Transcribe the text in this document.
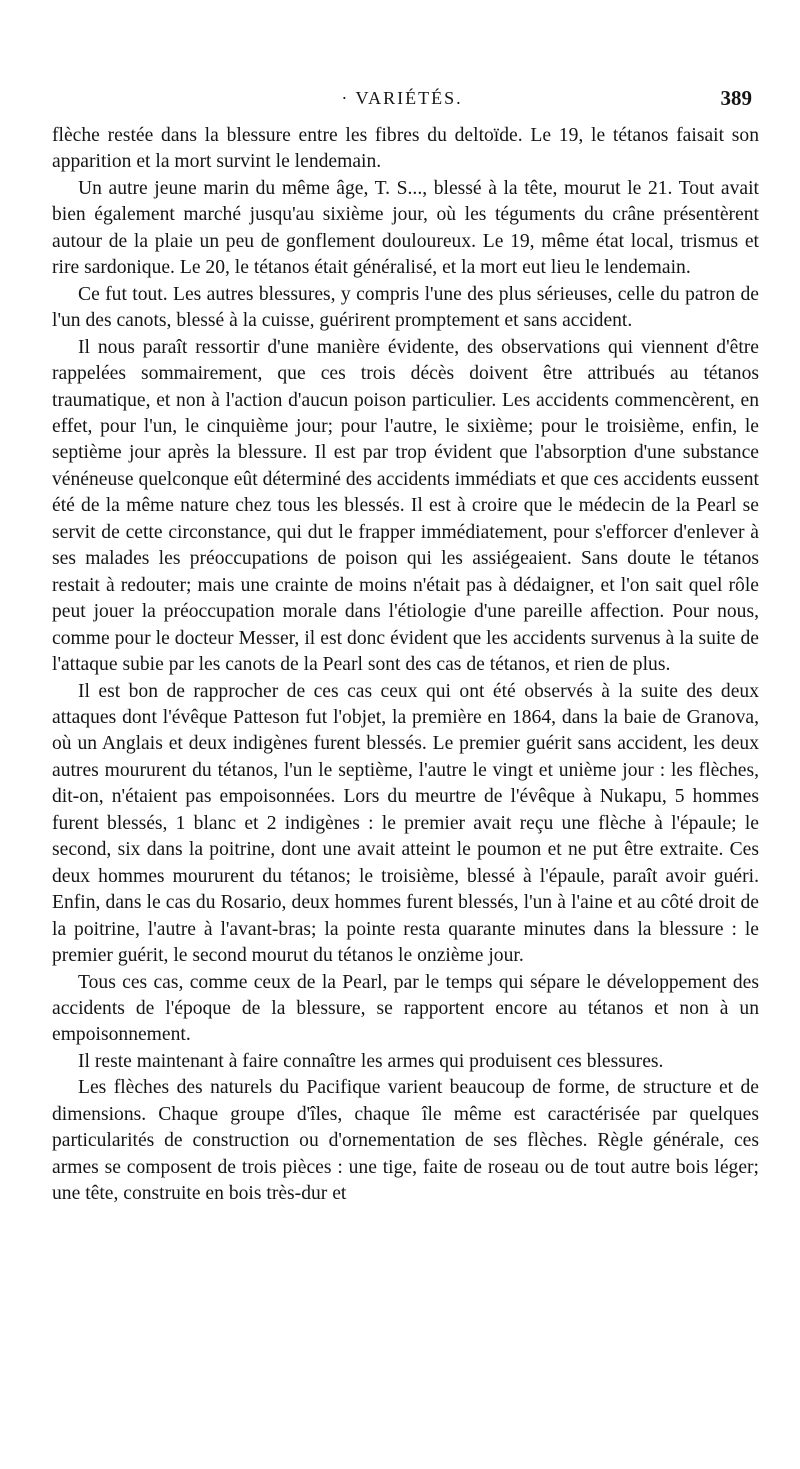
· VARIÉTÉS.	389

flèche restée dans la blessure entre les fibres du deltoïde. Le 19, le tétanos faisait son apparition et la mort survint le lendemain.

Un autre jeune marin du même âge, T. S..., blessé à la tête, mourut le 21. Tout avait bien également marché jusqu'au sixième jour, où les téguments du crâne présentèrent autour de la plaie un peu de gonflement douloureux. Le 19, même état local, trismus et rire sardonique. Le 20, le tétanos était généralisé, et la mort eut lieu le lendemain.

Ce fut tout. Les autres blessures, y compris l'une des plus sérieuses, celle du patron de l'un des canots, blessé à la cuisse, guérirent promptement et sans accident.

Il nous paraît ressortir d'une manière évidente, des observations qui viennent d'être rappelées sommairement, que ces trois décès doivent être attribués au tétanos traumatique, et non à l'action d'aucun poison particulier. Les accidents commencèrent, en effet, pour l'un, le cinquième jour; pour l'autre, le sixième; pour le troisième, enfin, le septième jour après la blessure. Il est par trop évident que l'absorption d'une substance vénéneuse quelconque eût déterminé des accidents immédiats et que ces accidents eussent été de la même nature chez tous les blessés. Il est à croire que le médecin de la Pearl se servit de cette circonstance, qui dut le frapper immédiatement, pour s'efforcer d'enlever à ses malades les préoccupations de poison qui les assiégeaient. Sans doute le tétanos restait à redouter; mais une crainte de moins n'était pas à dédaigner, et l'on sait quel rôle peut jouer la préoccupation morale dans l'étiologie d'une pareille affection. Pour nous, comme pour le docteur Messer, il est donc évident que les accidents survenus à la suite de l'attaque subie par les canots de la Pearl sont des cas de tétanos, et rien de plus.

Il est bon de rapprocher de ces cas ceux qui ont été observés à la suite des deux attaques dont l'évêque Patteson fut l'objet, la première en 1864, dans la baie de Granova, où un Anglais et deux indigènes furent blessés. Le premier guérit sans accident, les deux autres moururent du tétanos, l'un le septième, l'autre le vingt et unième jour : les flèches, dit-on, n'étaient pas empoisonnées. Lors du meurtre de l'évêque à Nukapu, 5 hommes furent blessés, 1 blanc et 2 indigènes : le premier avait reçu une flèche à l'épaule; le second, six dans la poitrine, dont une avait atteint le poumon et ne put être extraite. Ces deux hommes moururent du tétanos; le troisième, blessé à l'épaule, paraît avoir guéri. Enfin, dans le cas du Rosario, deux hommes furent blessés, l'un à l'aine et au côté droit de la poitrine, l'autre à l'avant-bras; la pointe resta quarante minutes dans la blessure : le premier guérit, le second mourut du tétanos le onzième jour.

Tous ces cas, comme ceux de la Pearl, par le temps qui sépare le développement des accidents de l'époque de la blessure, se rapportent encore au tétanos et non à un empoisonnement.

Il reste maintenant à faire connaître les armes qui produisent ces blessures.

Les flèches des naturels du Pacifique varient beaucoup de forme, de structure et de dimensions. Chaque groupe d'îles, chaque île même est caractérisée par quelques particularités de construction ou d'ornementation de ses flèches. Règle générale, ces armes se composent de trois pièces : une tige, faite de roseau ou de tout autre bois léger; une tête, construite en bois très-dur et
